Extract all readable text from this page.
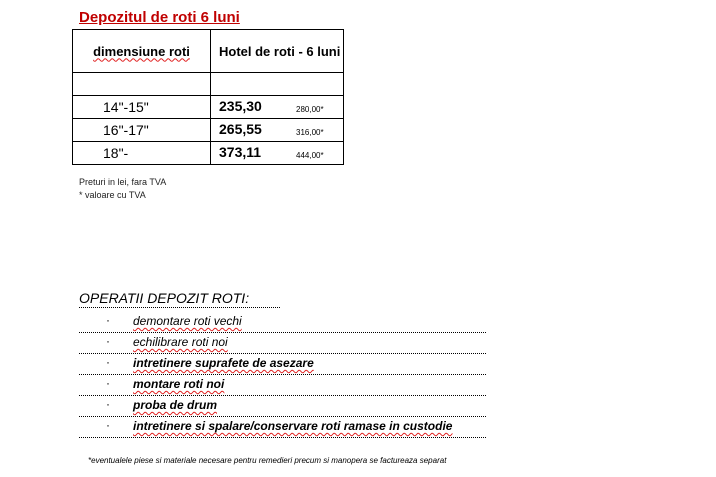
Depozitul de roti 6 luni
dimensiune roti	Hotel de roti - 6 luni

14"-15"	235,30 280,00*

16"-17"	265,55 316,00*

18"-	373,11 444,00*
Preturi in lei, fara TVA
* valoare cu TVA
OPERATII DEPOZIT ROTI:
· demontare roti vechi
· echilibrare roti noi
· intretinere suprafete de asezare
· montare roti noi
· proba de drum
· intretinere si spalare/conservare roti ramase in custodie
*eventualele piese si materiale necesare pentru remedieri precum si manopera se factureaza separat
